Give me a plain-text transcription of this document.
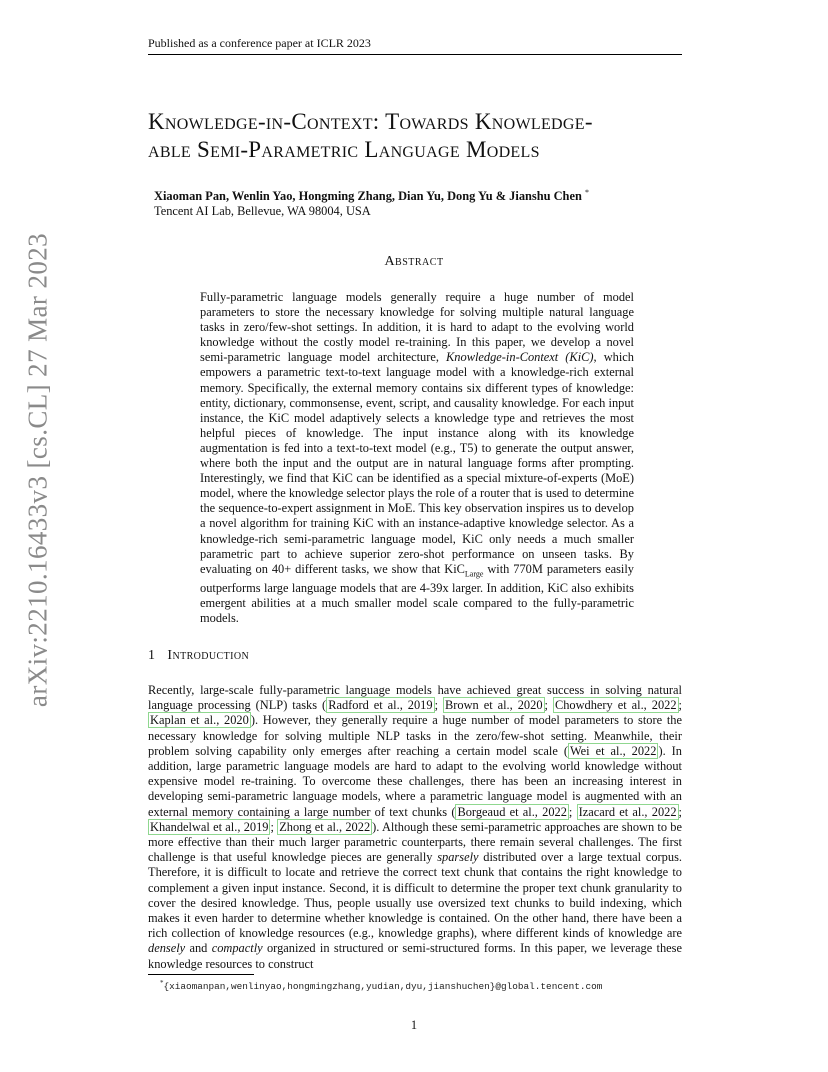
Published as a conference paper at ICLR 2023
arXiv:2210.16433v3 [cs.CL] 27 Mar 2023
Knowledge-in-Context: Towards Knowledge-
able Semi-Parametric Language Models
Xiaoman Pan, Wenlin Yao, Hongming Zhang, Dian Yu, Dong Yu & Jianshu Chen *
Tencent AI Lab, Bellevue, WA 98004, USA
Abstract
Fully-parametric language models generally require a huge number of model parameters to store the necessary knowledge for solving multiple natural language tasks in zero/few-shot settings. In addition, it is hard to adapt to the evolving world knowledge without the costly model re-training. In this paper, we develop a novel semi-parametric language model architecture, Knowledge-in-Context (KiC), which empowers a parametric text-to-text language model with a knowledge-rich external memory. Specifically, the external memory contains six different types of knowledge: entity, dictionary, commonsense, event, script, and causality knowledge. For each input instance, the KiC model adaptively selects a knowledge type and retrieves the most helpful pieces of knowledge. The input instance along with its knowledge augmentation is fed into a text-to-text model (e.g., T5) to generate the output answer, where both the input and the output are in natural language forms after prompting. Interestingly, we find that KiC can be identified as a special mixture-of-experts (MoE) model, where the knowledge selector plays the role of a router that is used to determine the sequence-to-expert assignment in MoE. This key observation inspires us to develop a novel algorithm for training KiC with an instance-adaptive knowledge selector. As a knowledge-rich semi-parametric language model, KiC only needs a much smaller parametric part to achieve superior zero-shot performance on unseen tasks. By evaluating on 40+ different tasks, we show that KiC$_{Large}$ with 770M parameters easily outperforms large language models that are 4-39x larger. In addition, KiC also exhibits emergent abilities at a much smaller model scale compared to the fully-parametric models.
1 Introduction
Recently, large-scale fully-parametric language models have achieved great success in solving natural language processing (NLP) tasks ( Radford et al., 2019 ; Brown et al., 2020 ; Chowdhery et al., 2022 ; Kaplan et al., 2020 ). However, they generally require a huge number of model parameters to store the necessary knowledge for solving multiple NLP tasks in the zero/few-shot setting. Meanwhile, their problem solving capability only emerges after reaching a certain model scale ( Wei et al., 2022 ). In addition, large parametric language models are hard to adapt to the evolving world knowledge without expensive model re-training. To overcome these challenges, there has been an increasing interest in developing semi-parametric language models, where a parametric language model is augmented with an external memory containing a large number of text chunks ( Borgeaud et al., 2022 ; Izacard et al., 2022 ; Khandelwal et al., 2019 ; Zhong et al., 2022 ). Although these semi-parametric approaches are shown to be more effective than their much larger parametric counterparts, there remain several challenges. The first challenge is that useful knowledge pieces are generally sparsely distributed over a large textual corpus. Therefore, it is difficult to locate and retrieve the correct text chunk that contains the right knowledge to complement a given input instance. Second, it is difficult to determine the proper text chunk granularity to cover the desired knowledge. Thus, people usually use oversized text chunks to build indexing, which makes it even harder to determine whether knowledge is contained. On the other hand, there have been a rich collection of knowledge resources (e.g., knowledge graphs), where different kinds of knowledge are densely and compactly organized in structured or semi-structured forms. In this paper, we leverage these knowledge resources to construct
*{xiaomanpan,wenlinyao,hongmingzhang,yudian,dyu,jianshuchen}@global.tencent.com
1
